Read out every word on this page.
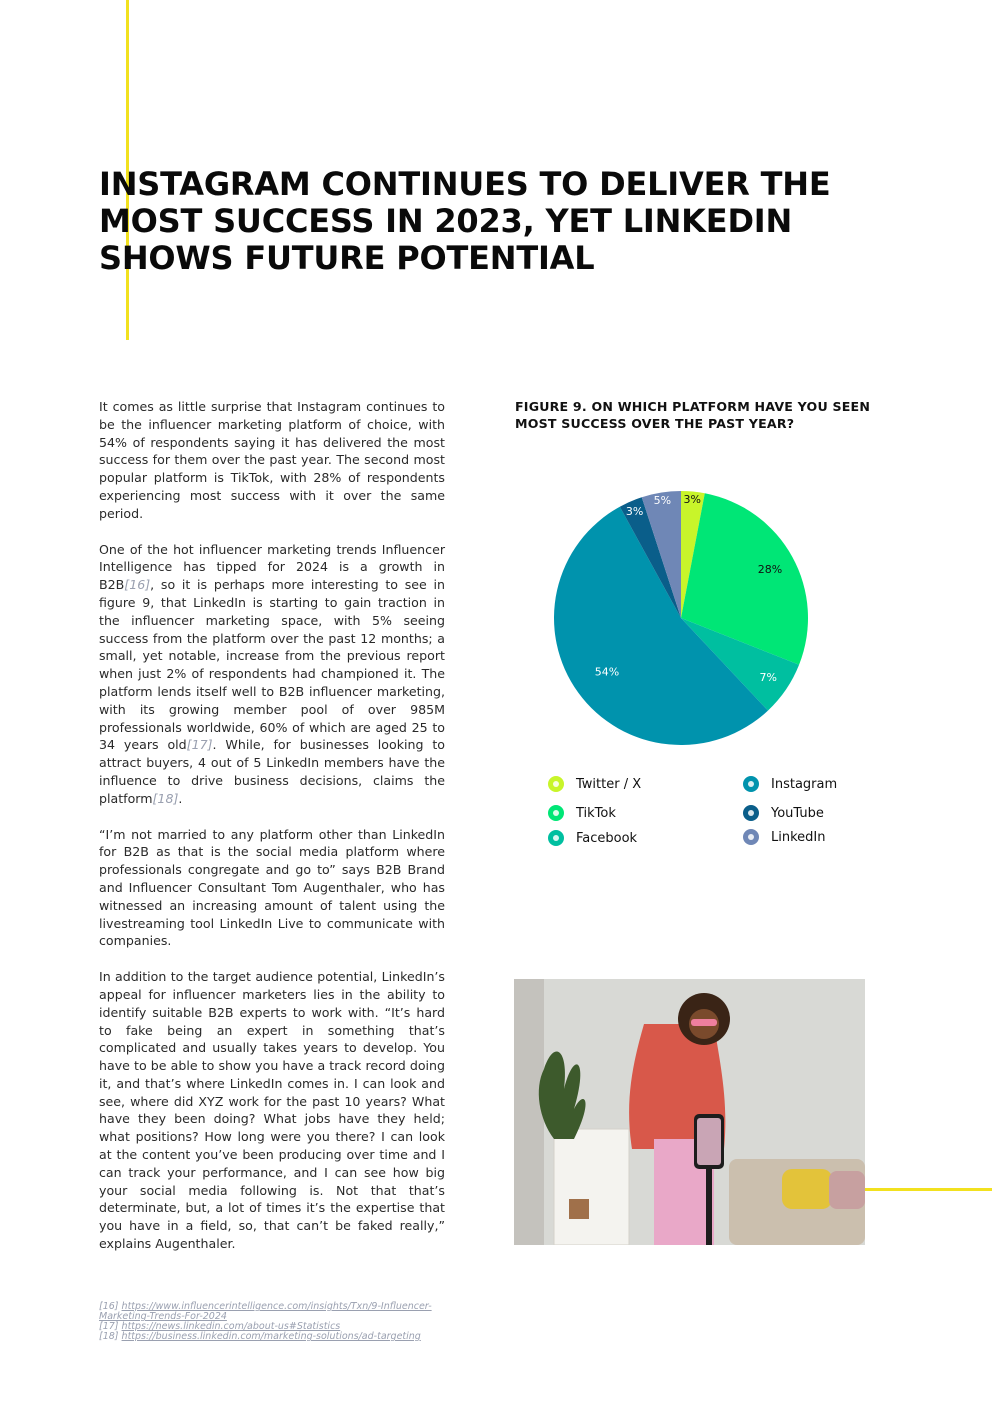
INSTAGRAM CONTINUES TO DELIVER THE MOST SUCCESS IN 2023, YET LINKEDIN SHOWS FUTURE POTENTIAL

It comes as little surprise that Instagram continues to be the influencer marketing platform of choice, with 54% of respondents saying it has delivered the most success for them over the past year. The second most popular platform is TikTok, with 28% of respondents experiencing most success with it over the same period.

One of the hot influencer marketing trends Influencer Intelligence has tipped for 2024 is a growth in B2B[16], so it is perhaps more interesting to see in figure 9, that LinkedIn is starting to gain traction in the influencer marketing space, with 5% seeing success from the platform over the past 12 months; a small, yet notable, increase from the previous report when just 2% of respondents had championed it. The platform lends itself well to B2B influencer marketing, with its growing member pool of over 985M professionals worldwide, 60% of which are aged 25 to 34 years old[17]. While, for businesses looking to attract buyers, 4 out of 5 LinkedIn members have the influence to drive business decisions, claims the platform[18].

“I’m not married to any platform other than LinkedIn for B2B as that is the social media platform where professionals congregate and go to” says B2B Brand and Influencer Consultant Tom Augenthaler, who has witnessed an increasing amount of talent using the livestreaming tool LinkedIn Live to communicate with companies.

In addition to the target audience potential, LinkedIn’s appeal for influencer marketers lies in the ability to identify suitable B2B experts to work with. “It’s hard to fake being an expert in something that’s complicated and usually takes years to develop. You have to be able to show you have a track record doing it, and that’s where LinkedIn comes in. I can look and see, where did XYZ work for the past 10 years? What have they been doing? What jobs have they held; what positions? How long were you there? I can look at the content you’ve been producing over time and I can track your performance, and I can see how big your social media following is. Not that that’s determinate, but, a lot of times it’s the expertise that you have in a field, so, that can’t be faked really,” explains Augenthaler.

[16] https://www.influencerintelligence.com/insights/Txn/9-Influencer-Marketing-Trends-For-2024
[17] https://news.linkedin.com/about-us#Statistics
[18] https://business.linkedin.com/marketing-solutions/ad-targeting
FIGURE 9. ON WHICH PLATFORM HAVE YOU SEEN MOST SUCCESS OVER THE PAST YEAR?
3%
28%
7%
54%
3%
5%
Twitter / X	Instagram
TikTok	YouTube
Facebook	LinkedIn
